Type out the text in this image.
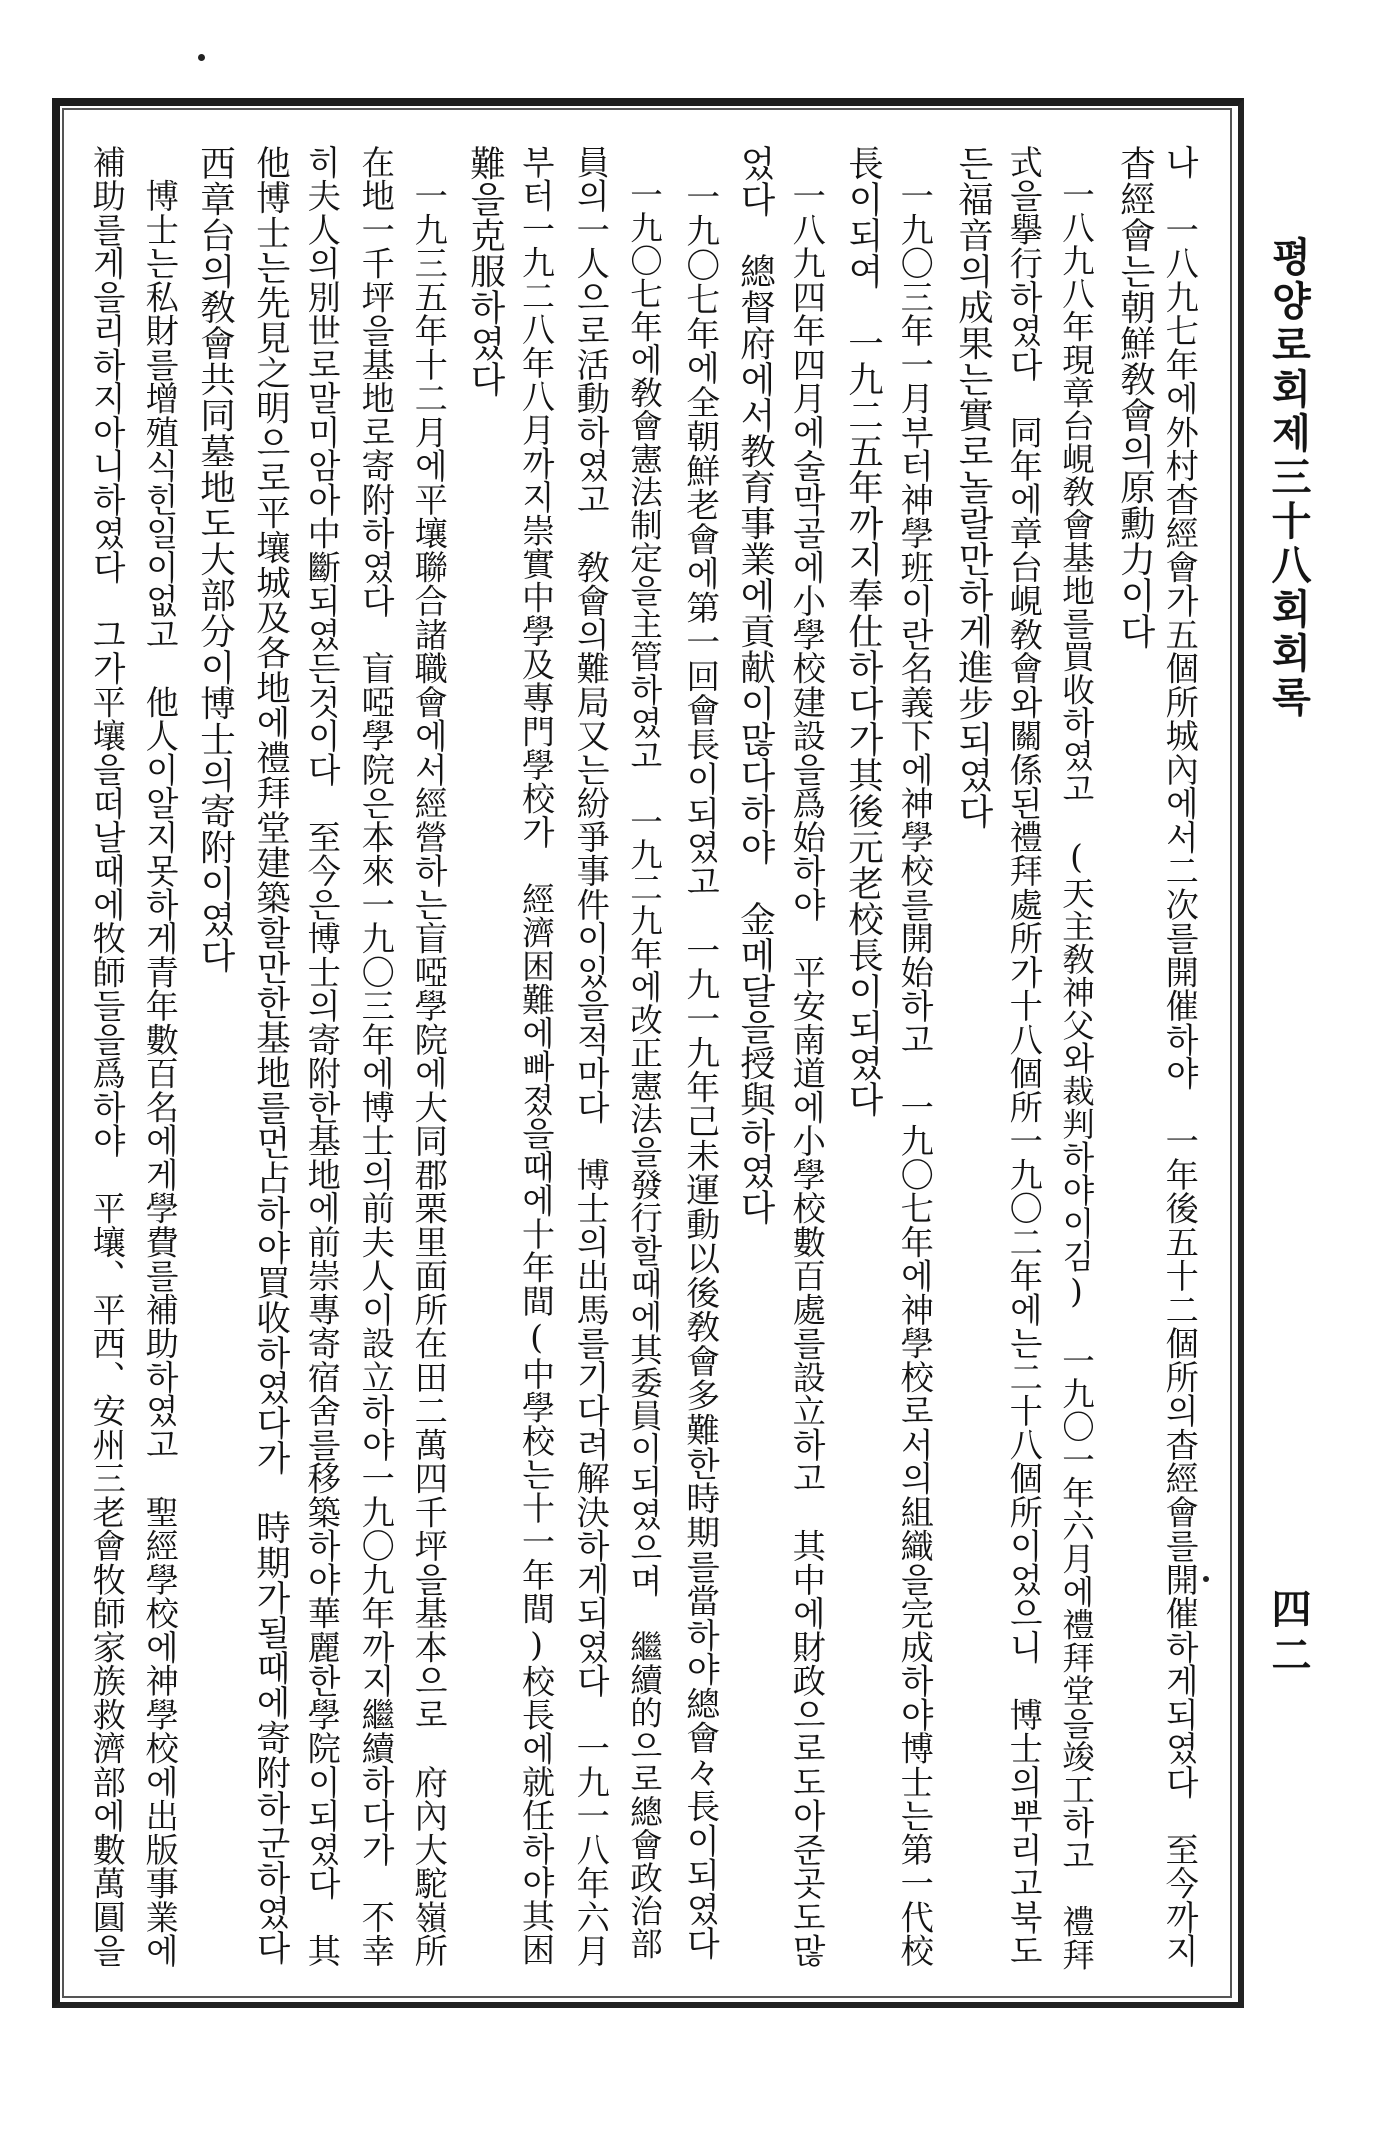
평양로회제三十八회회록
四二
나　一八九七年에外村杳經會가五個所城內에서二次를開催하야　一年後五十二個所의杳經會를開催하게되였다　至今까지
杳經會는朝鮮敎會의原勳力이다
　一八九八年現章台峴敎會基地를買收하였고　(天主敎神父와裁判하야이김)　一九〇一年六月에禮拜堂을竣工하고　禮拜
式을擧行하였다　同年에章台峴敎會와關係된禮拜處所가十八個所一九〇二年에는二十八個所이었으니　博士의뿌리고북도
든福音의成果는實로놀랄만하게進步되였다
　一九〇三年一月부터神學班이란名義下에神學校를開始하고　一九〇七年에神學校로서의組織을完成하야博士는第一代校
長이되여　一九二五年까지奉仕하다가其後元老校長이되였다
　一八九四年四月에술막골에小學校建設을爲始하야　平安南道에小學校數百處를設立하고　其中에財政으로도아준곳도많
었다　總督府에서教育事業에貢献이많다하야　金메달을授與하였다
　一九〇七年에全朝鮮老會에第一回會長이되였고　一九一九年己未運動以後敎會多難한時期를當하야總會々長이되였다
　一九〇七年에敎會憲法制定을主管하였고　一九二九年에改正憲法을發行할때에其委員이되였으며　繼續的으로總會政治部
員의一人으로活動하였고　敎會의難局又는紛爭事件이있을적마다　博士의出馬를기다려解決하게되였다　一九一八年六月
부터一九二八年八月까지崇實中學及專門學校가　經濟困難에빠졌을때에十年間(中學校는十一年間)校長에就任하야其困
難을克服하였다
　一九三五年十二月에平壤聯合諸職會에서經營하는盲啞學院에大同郡栗里面所在田二萬四千坪을基本으로　府內大駝嶺所
在地一千坪을基地로寄附하였다　盲啞學院은本來一九〇三年에博士의前夫人이設立하야一九〇九年까지繼續하다가　不幸
히夫人의別世로말미암아中斷되였든것이다　至今은博士의寄附한基地에前崇專寄宿舍를移築하야華麗한學院이되였다　其
他博士는先見之明으로平壤城及各地에禮拜堂建築할만한基地를먼占하야買收하였다가　時期가될때에寄附하군하였다
西章台의敎會共同墓地도大部分이博士의寄附이였다
　博士는私財를增殖식힌일이없고　他人이알지못하게青年數百名에게學費를補助하였고　聖經學校에神學校에出版事業에
補助를게을리하지아니하였다　그가平壤을떠날때에牧師들을爲하야　平壤、平西、安州三老會牧師家族救濟部에數萬圓을
